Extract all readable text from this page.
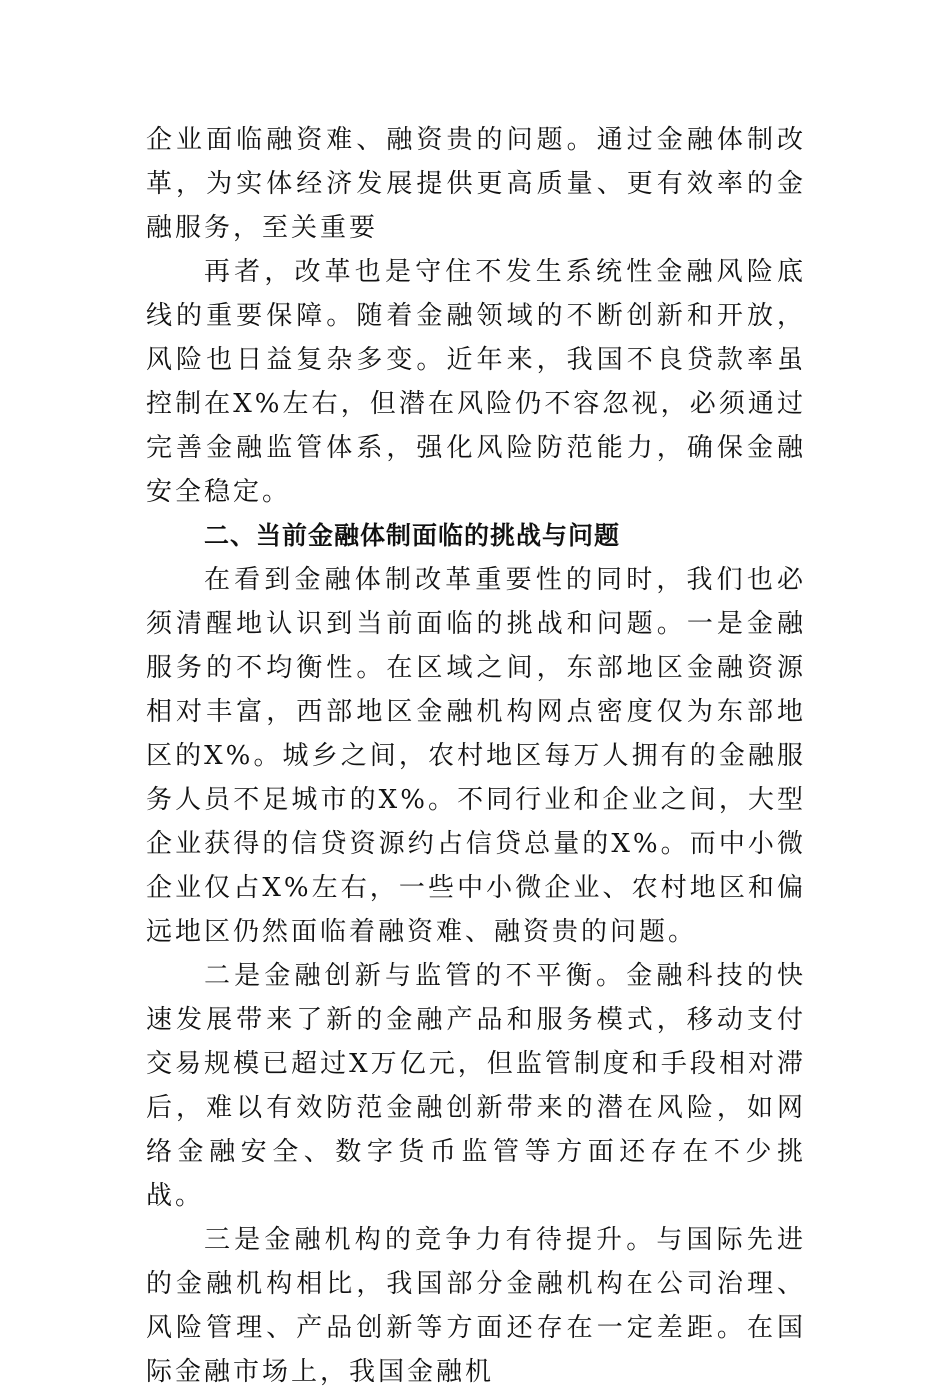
企业面临融资难、融资贵的问题。通过金融体制改革，为实体经济发展提供更高质量、更有效率的金融服务，至关重要

再者，改革也是守住不发生系统性金融风险底线的重要保障。随着金融领域的不断创新和开放，风险也日益复杂多变。近年来，我国不良贷款率虽控制在X%左右，但潜在风险仍不容忽视，必须通过完善金融监管体系，强化风险防范能力，确保金融安全稳定。

二、当前金融体制面临的挑战与问题

在看到金融体制改革重要性的同时，我们也必须清醒地认识到当前面临的挑战和问题。一是金融服务的不均衡性。在区域之间，东部地区金融资源相对丰富，西部地区金融机构网点密度仅为东部地区的X%。城乡之间，农村地区每万人拥有的金融服务人员不足城市的X%。不同行业和企业之间，大型企业获得的信贷资源约占信贷总量的X%。而中小微企业仅占X%左右，一些中小微企业、农村地区和偏远地区仍然面临着融资难、融资贵的问题。

二是金融创新与监管的不平衡。金融科技的快速发展带来了新的金融产品和服务模式，移动支付交易规模已超过X万亿元，但监管制度和手段相对滞后，难以有效防范金融创新带来的潜在风险，如网络金融安全、数字货币监管等方面还存在不少挑战。

三是金融机构的竞争力有待提升。与国际先进的金融机构相比，我国部分金融机构在公司治理、风险管理、产品创新等方面还存在一定差距。在国际金融市场上，我国金融机
